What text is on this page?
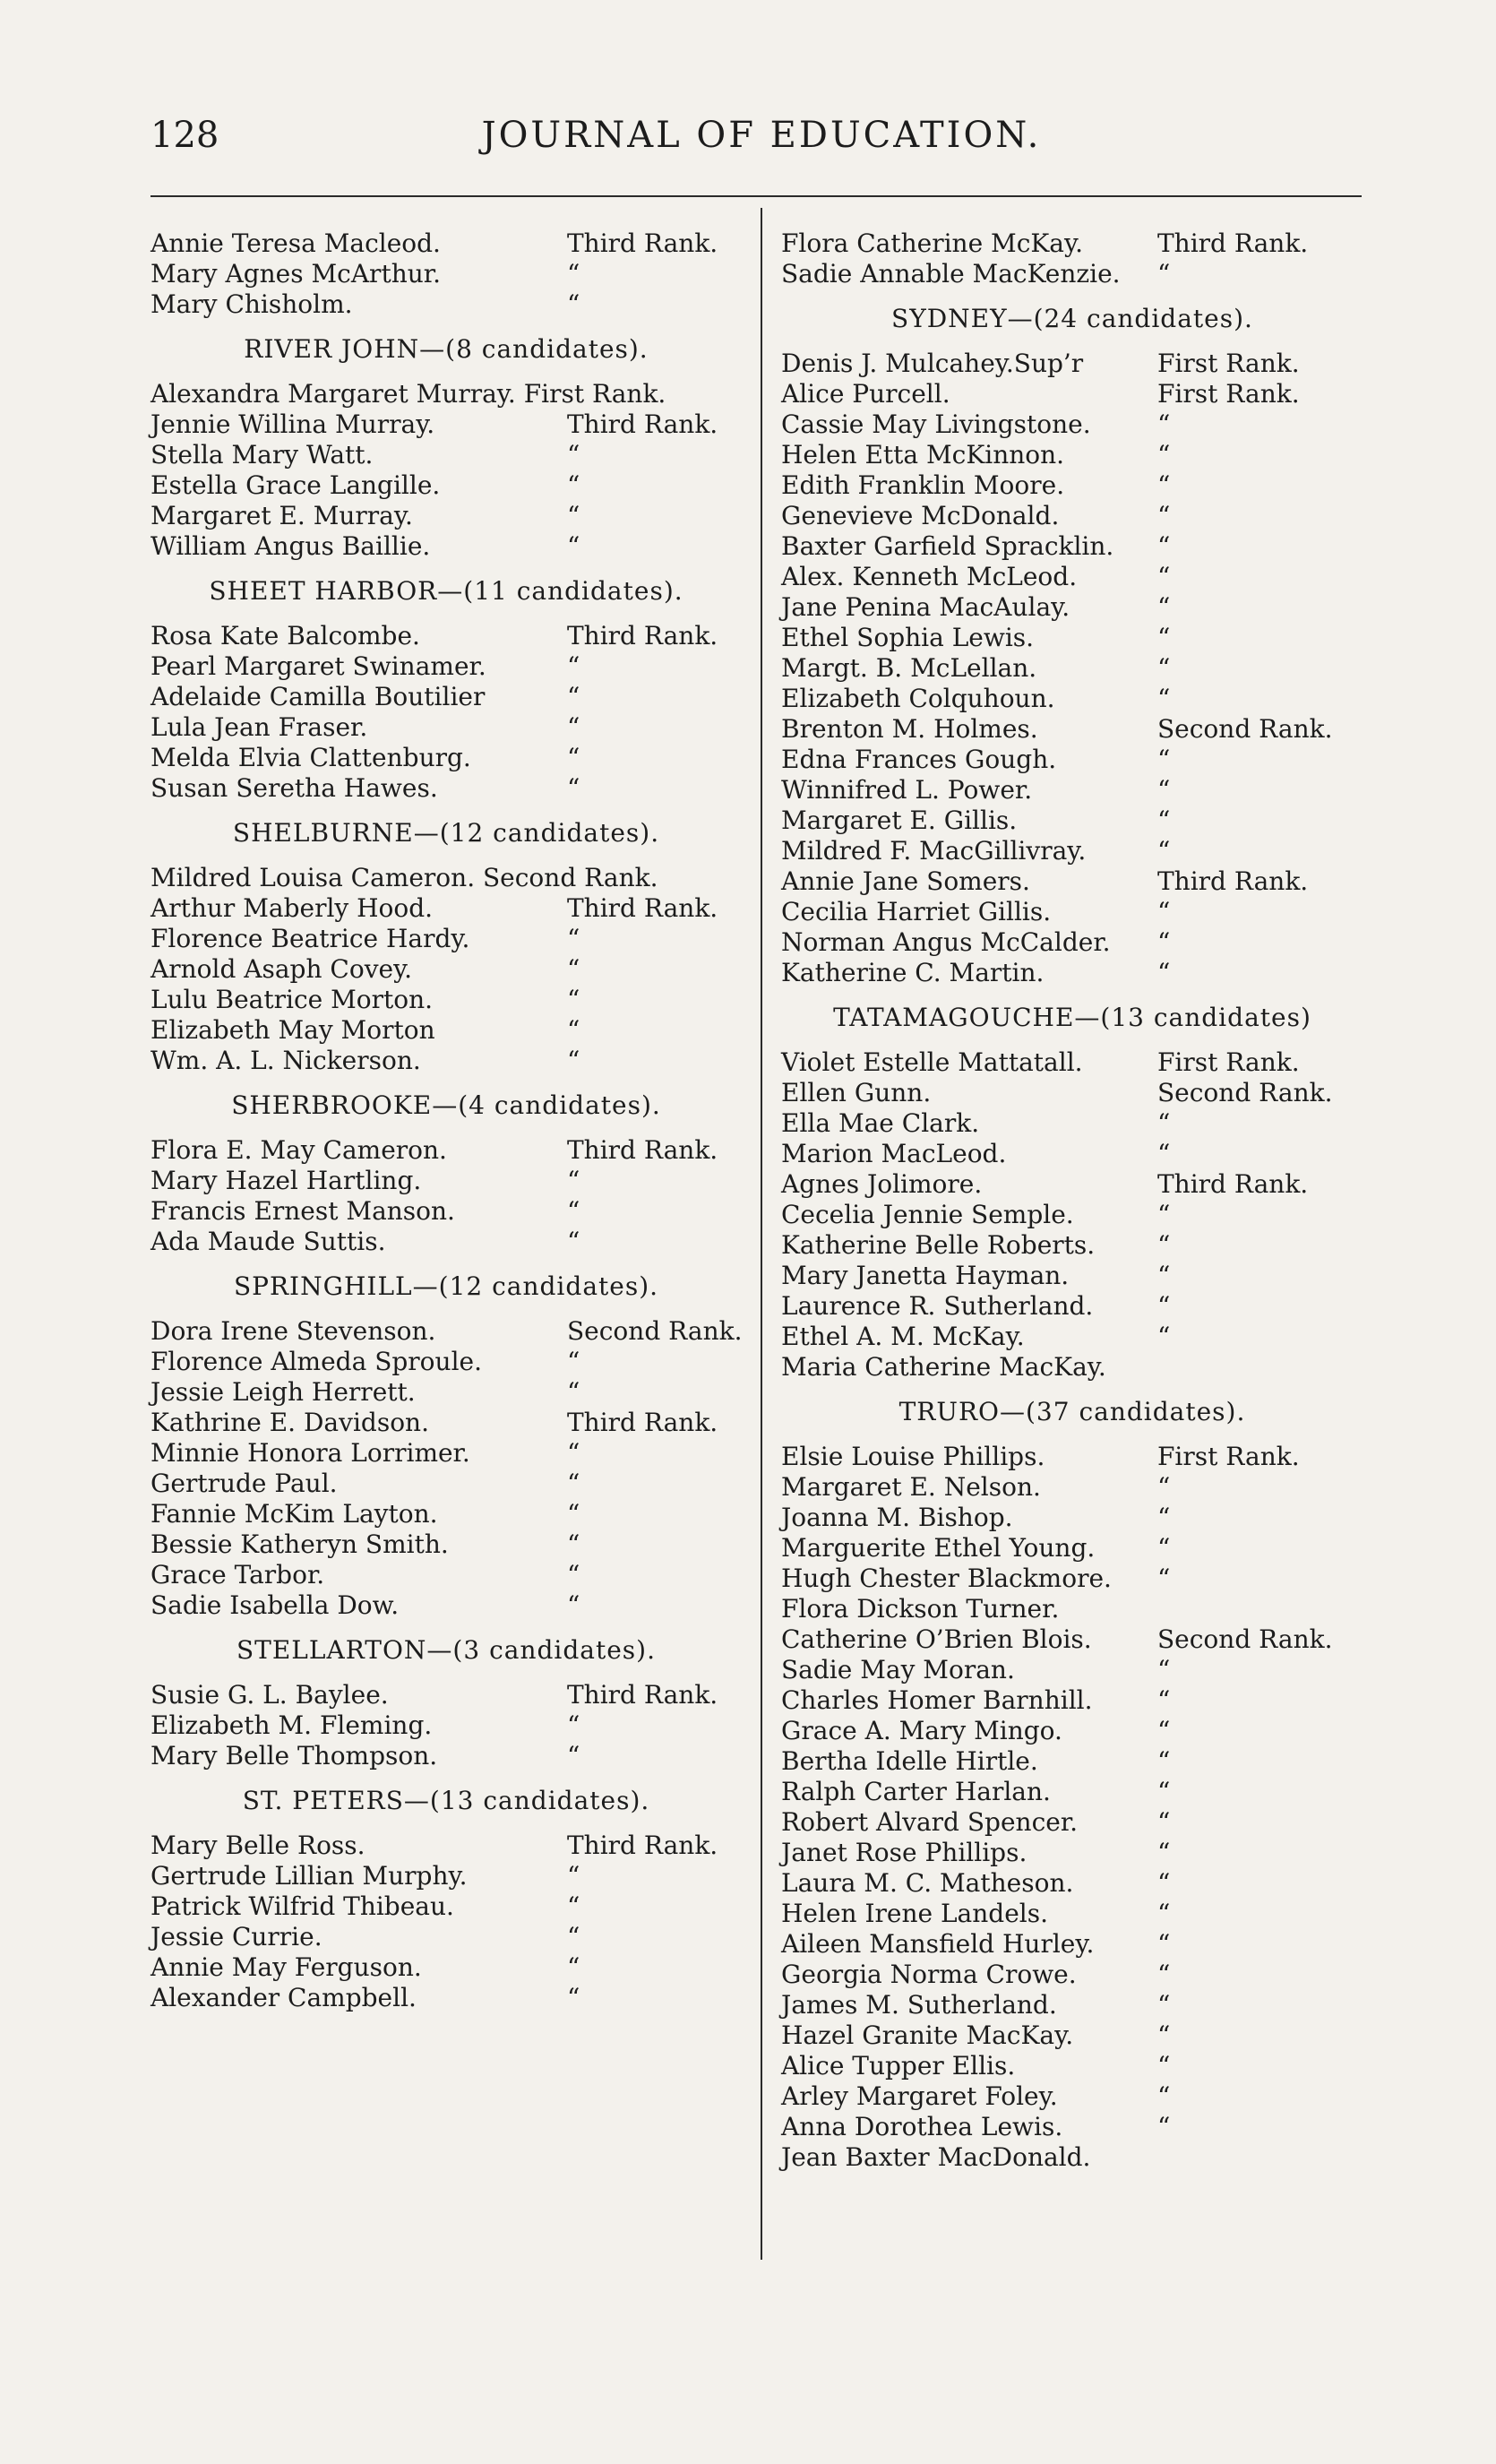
128	JOURNAL OF EDUCATION.
Annie Teresa Macleod.	Third Rank.
Mary Agnes McArthur.	“
Mary Chisholm.	“
RIVER JOHN—(8 candidates).
Alexandra Margaret Murray. First Rank.
Jennie Willina Murray.	Third Rank.
Stella Mary Watt.	“
Estella Grace Langille.	“
Margaret E. Murray.	“
William Angus Baillie.	“
SHEET HARBOR—(11 candidates).
Rosa Kate Balcombe.	Third Rank.
Pearl Margaret Swinamer.	“
Adelaide Camilla Boutilier	“
Lula Jean Fraser.	“
Melda Elvia Clattenburg.	“
Susan Seretha Hawes.	“
SHELBURNE—(12 candidates).
Mildred Louisa Cameron. Second Rank.
Arthur Maberly Hood.	Third Rank.
Florence Beatrice Hardy.	“
Arnold Asaph Covey.	“
Lulu Beatrice Morton.	“
Elizabeth May Morton	“
Wm. A. L. Nickerson.	“
SHERBROOKE—(4 candidates).
Flora E. May Cameron.	Third Rank.
Mary Hazel Hartling.	“
Francis Ernest Manson.	“
Ada Maude Suttis.	“
SPRINGHILL—(12 candidates).
Dora Irene Stevenson.	Second Rank.
Florence Almeda Sproule.	“
Jessie Leigh Herrett.	“
Kathrine E. Davidson.	Third Rank.
Minnie Honora Lorrimer.	“
Gertrude Paul.	“
Fannie McKim Layton.	“
Bessie Katheryn Smith.	“
Grace Tarbor.	“
Sadie Isabella Dow.	“
STELLARTON—(3 candidates).
Susie G. L. Baylee.	Third Rank.
Elizabeth M. Fleming.	“
Mary Belle Thompson.	“
ST. PETERS—(13 candidates).
Mary Belle Ross.	Third Rank.
Gertrude Lillian Murphy.	“
Patrick Wilfrid Thibeau.	“
Jessie Currie.	“
Annie May Ferguson.	“
Alexander Campbell.	“
Flora Catherine McKay.	Third Rank.
Sadie Annable MacKenzie. “
SYDNEY—(24 candidates).
Denis J. Mulcahey.Sup’r	First Rank.
Alice Purcell.	First Rank.
Cassie May Livingstone.	“
Helen Etta McKinnon.	“
Edith Franklin Moore.	“
Genevieve McDonald.	“
Baxter Garfield Spracklin. “
Alex. Kenneth McLeod.	“
Jane Penina MacAulay.	“
Ethel Sophia Lewis.	“
Margt. B. McLellan.	“
Elizabeth Colquhoun.	“
Brenton M. Holmes.	Second Rank.
Edna Frances Gough.	“
Winnifred L. Power.	“
Margaret E. Gillis.	“
Mildred F. MacGillivray.	“
Annie Jane Somers.	Third Rank.
Cecilia Harriet Gillis.	“
Norman Angus McCalder. “
Katherine C. Martin.	“
TATAMAGOUCHE—(13 candidates)
Violet Estelle Mattatall.	First Rank.
Ellen Gunn.	Second Rank.
Ella Mae Clark.	“
Marion MacLeod.	“
Agnes Jolimore.	Third Rank.
Cecelia Jennie Semple.	“
Katherine Belle Roberts. “
Mary Janetta Hayman.	“
Laurence R. Sutherland.	“
Ethel A. M. McKay.	“
Maria Catherine MacKay.
TRURO—(37 candidates).
Elsie Louise Phillips.	First Rank.
Margaret E. Nelson.	“
Joanna M. Bishop.	“
Marguerite Ethel Young. “
Hugh Chester Blackmore. “
Flora Dickson Turner.
Catherine O’Brien Blois.	Second Rank.
Sadie May Moran.	“
Charles Homer Barnhill.	“
Grace A. Mary Mingo.	“
Bertha Idelle Hirtle.	“
Ralph Carter Harlan.	“
Robert Alvard Spencer.	“
Janet Rose Phillips.	“
Laura M. C. Matheson.	“
Helen Irene Landels.	“
Aileen Mansfield Hurley.	“
Georgia Norma Crowe.	“
James M. Sutherland.	“
Hazel Granite MacKay.	“
Alice Tupper Ellis.	“
Arley Margaret Foley.	“
Anna Dorothea Lewis.	“
Jean Baxter MacDonald.
